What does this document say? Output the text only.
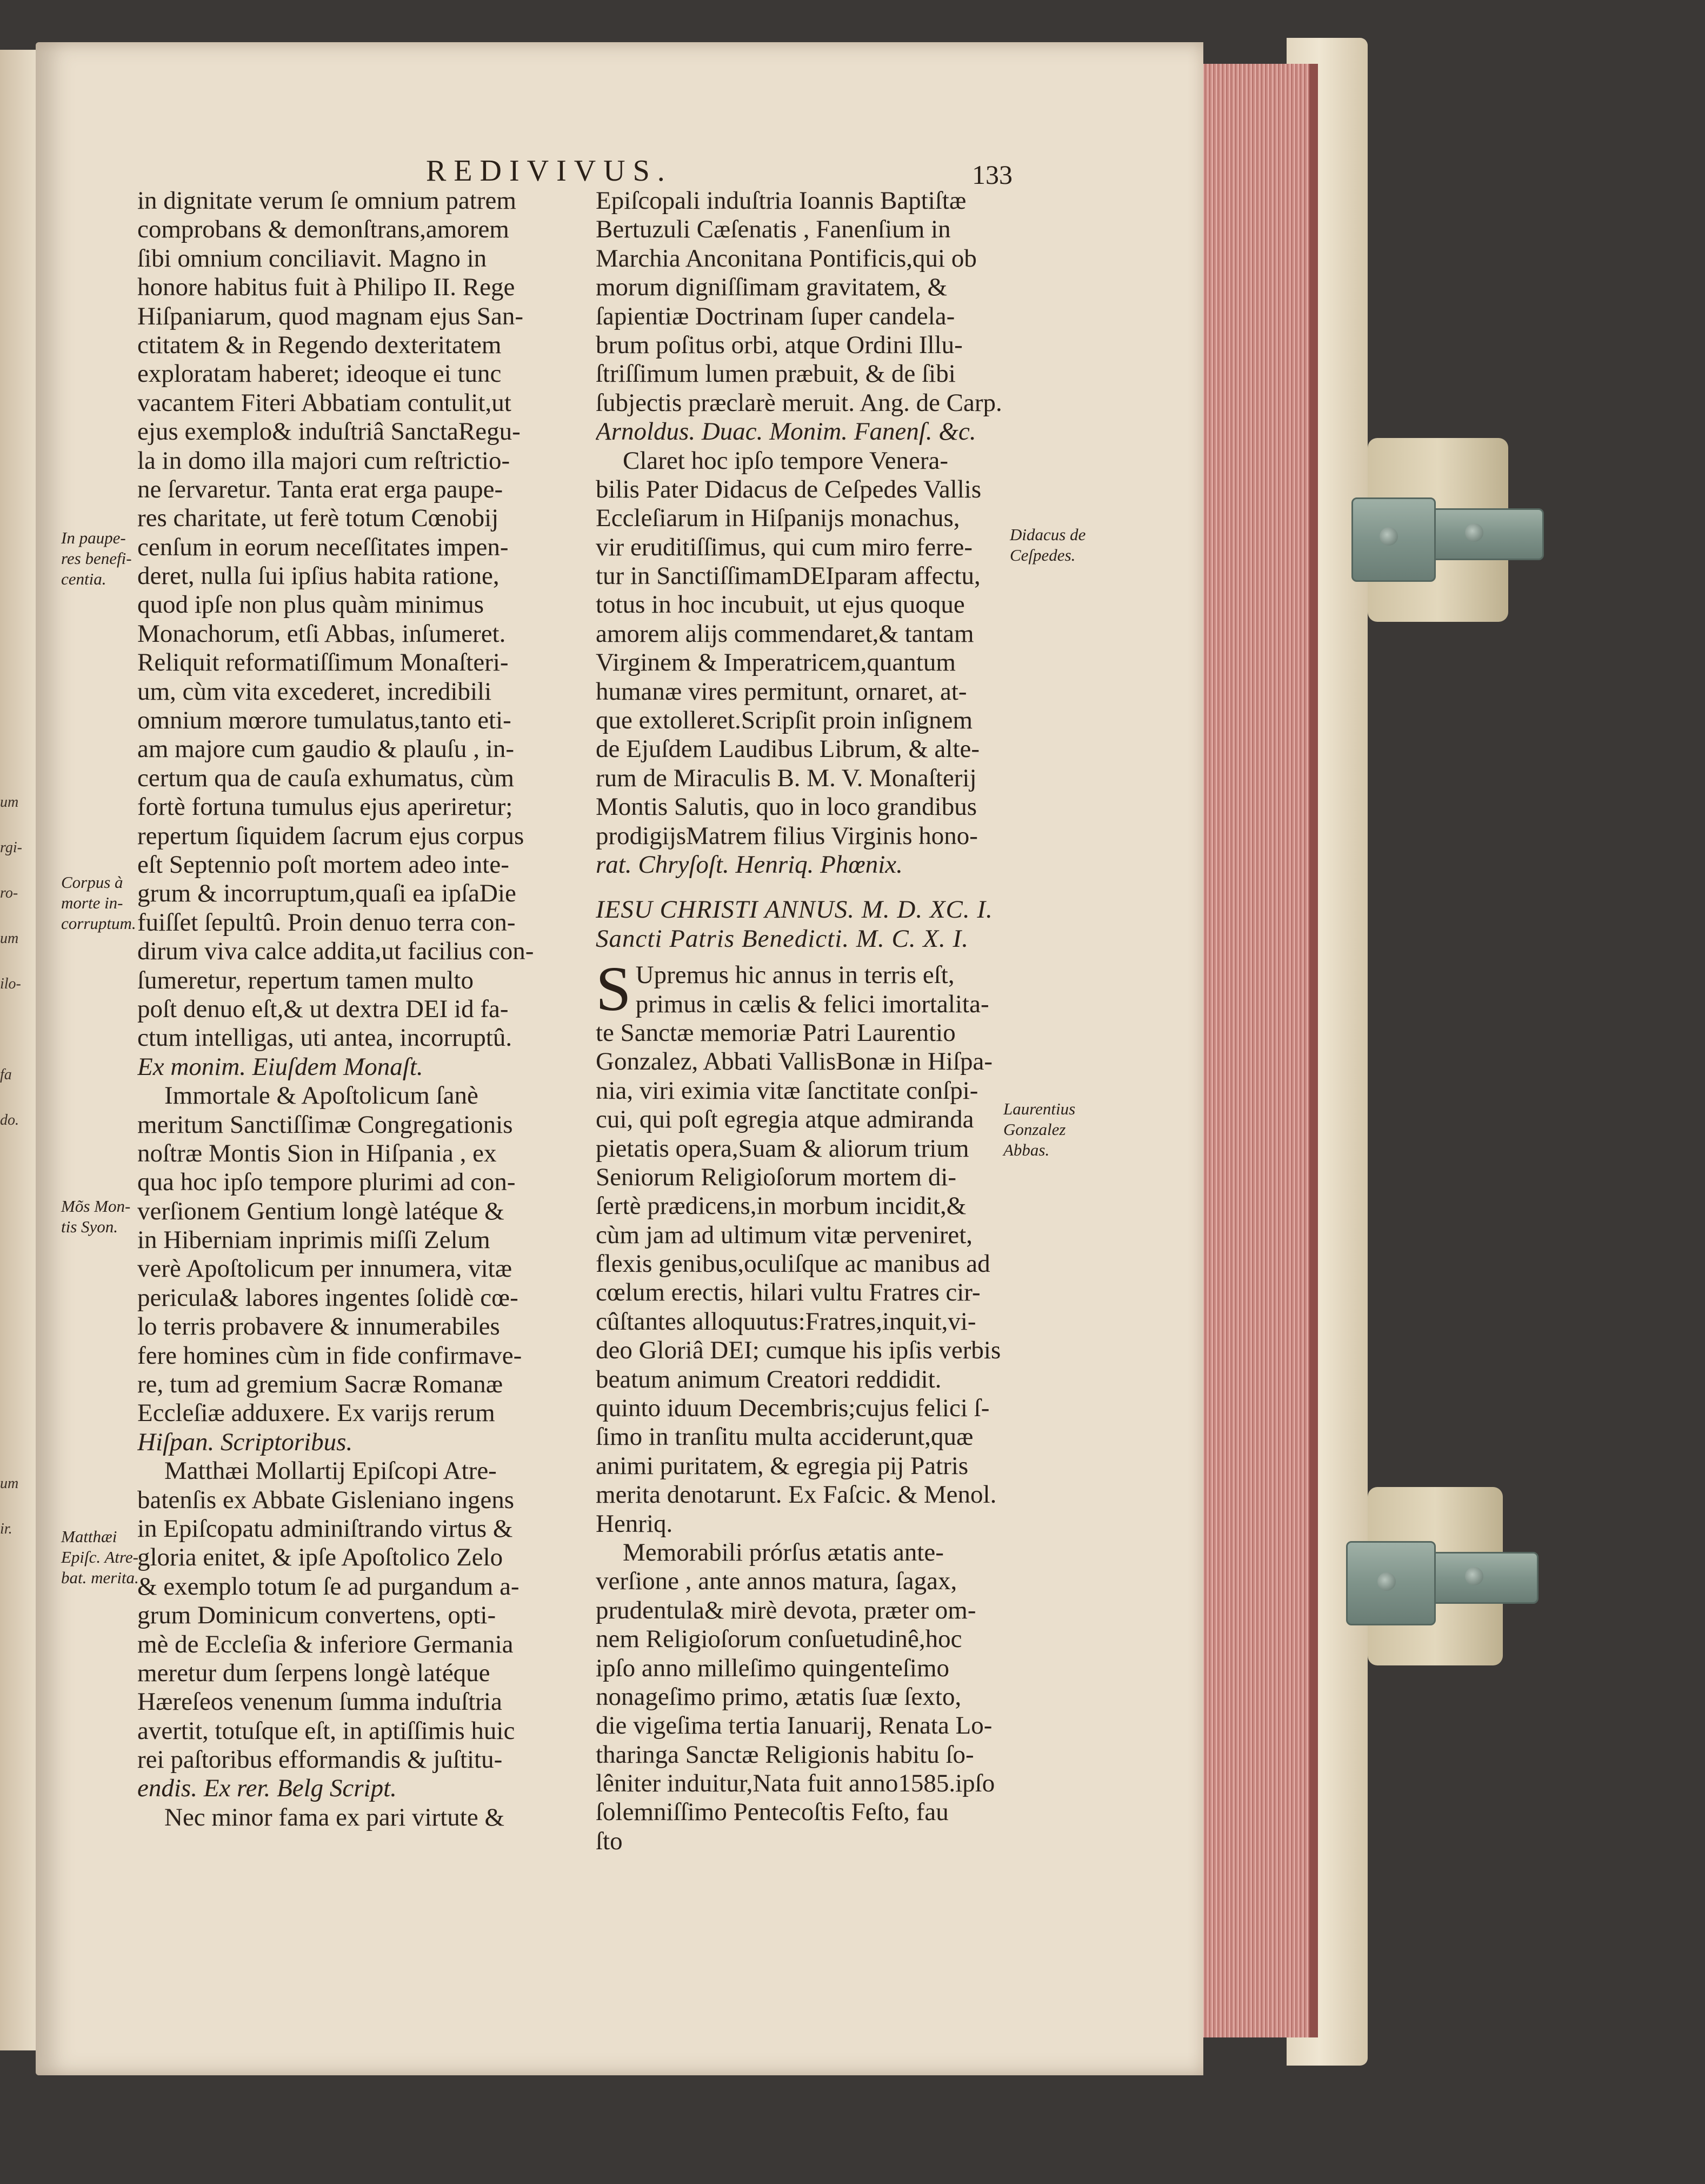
um
rgi-
ro-
um
ilo-
fa
do.
um
ir.
REDIVIVUS.	133
in dignitate verum ſe omnium patrem
comprobans & demonſtrans,amorem
ſibi omnium conciliavit. Magno in
honore habitus fuit à Philipo II. Rege
Hiſpaniarum, quod magnam ejus San-
ctitatem & in Regendo dexteritatem
exploratam haberet; ideoque ei tunc
vacantem Fiteri Abbatiam contulit,ut
ejus exemplo& induſtriâ SanctaRegu-
la in domo illa majori cum reſtrictio-
ne ſervaretur. Tanta erat erga paupe-
res charitate, ut ferè totum Cœnobij
cenſum in eorum neceſſitates impen-
deret, nulla ſui ipſius habita ratione,
quod ipſe non plus quàm minimus
Monachorum, etſi Abbas, inſumeret.
Reliquit reformatiſſimum Monaſteri-
um, cùm vita excederet, incredibili
omnium mœrore tumulatus,tanto eti-
am majore cum gaudio & plauſu , in-
certum qua de cauſa exhumatus, cùm
fortè fortuna tumulus ejus aperiretur;
repertum ſiquidem ſacrum ejus corpus
eſt Septennio poſt mortem adeo inte-
grum & incorruptum,quaſi ea ipſaDie
fuiſſet ſepultû. Proin denuo terra con-
dirum viva calce addita,ut facilius con-
ſumeretur, repertum tamen multo
poſt denuo eſt,& ut dextra DEI id fa-
ctum intelligas, uti antea, incorruptû.
Ex monim. Eiuſdem Monaſt.
Immortale & Apoſtolicum ſanè
meritum Sanctiſſimæ Congregationis
noſtræ Montis Sion in Hiſpania , ex
qua hoc ipſo tempore plurimi ad con-
verſionem Gentium longè latéque &
in Hiberniam inprimis miſſi Zelum
verè Apoſtolicum per innumera, vitæ
pericula& labores ingentes ſolidè cœ-
lo terris probavere & innumerabiles
fere homines cùm in fide confirmave-
re, tum ad gremium Sacræ Romanæ
Eccleſiæ adduxere. Ex varijs rerum
Hiſpan. Scriptoribus.
Matthæi Mollartij Epiſcopi Atre-
batenſis ex Abbate Gisleniano ingens
in Epiſcopatu adminiſtrando virtus &
gloria enitet, & ipſe Apoſtolico Zelo
& exemplo totum ſe ad purgandum a-
grum Dominicum convertens, opti-
mè de Eccleſia & inferiore Germania
meretur dum ſerpens longè latéque
Hæreſeos venenum ſumma induſtria
avertit, totuſque eſt, in aptiſſimis huic
rei paſtoribus efformandis & juſtitu-
endis. Ex rer. Belg Script.
Nec minor fama ex pari virtute &
Epiſcopali induſtria Ioannis Baptiſtæ
Bertuzuli Cæſenatis , Fanenſium in
Marchia Anconitana Pontificis,qui ob
morum digniſſimam gravitatem, &
ſapientiæ Doctrinam ſuper candela-
brum poſitus orbi, atque Ordini Illu-
ſtriſſimum lumen præbuit, & de ſibi
ſubjectis præclarè meruit. Ang. de Carp.
Arnoldus. Duac. Monim. Fanenſ. &c.
Claret hoc ipſo tempore Venera-
bilis Pater Didacus de Ceſpedes Vallis
Eccleſiarum in Hiſpanijs monachus,
vir eruditiſſimus, qui cum miro ferre-
tur in SanctiſſimamDEIparam affectu,
totus in hoc incubuit, ut ejus quoque
amorem alijs commendaret,& tantam
Virginem & Imperatricem,quantum
humanæ vires permitunt, ornaret, at-
que extolleret.Scripſit proin inſignem
de Ejuſdem Laudibus Librum, & alte-
rum de Miraculis B. M. V. Monaſterij
Montis Salutis, quo in loco grandibus
prodigijsMatrem filius Virginis hono-
rat. Chryſoſt. Henriq. Phœnix.
IESU CHRISTI ANNUS. M. D. XC. I.
Sancti Patris Benedicti. M. C. X. I.
S Upremus hic annus in terris eſt,
primus in cælis & felici imortalita-
te Sanctæ memoriæ Patri Laurentio
Gonzalez, Abbati VallisBonæ in Hiſpa-
nia, viri eximia vitæ ſanctitate conſpi-
cui, qui poſt egregia atque admiranda
pietatis opera,Suam & aliorum trium
Seniorum Religioſorum mortem di-
ſertè prædicens,in morbum incidit,&
cùm jam ad ultimum vitæ perveniret,
flexis genibus,oculiſque ac manibus ad
cœlum erectis, hilari vultu Fratres cir-
cûſtantes alloquutus:Fratres,inquit,vi-
deo Gloriâ DEI; cumque his ipſis verbis
beatum animum Creatori reddidit.
quinto iduum Decembris;cujus felici ſ-
ſimo in tranſitu multa acciderunt,quæ
animi puritatem, & egregia pij Patris
merita denotarunt. Ex Faſcic. & Menol.
Henriq.
Memorabili prórſus ætatis ante-
verſione , ante annos matura, ſagax,
prudentula& mirè devota, præter om-
nem Religioſorum conſuetudinê,hoc
ipſo anno milleſimo quingenteſimo
nonageſimo primo, ætatis ſuæ ſexto,
die vigeſima tertia Ianuarij, Renata Lo-
tharinga Sanctæ Religionis habitu ſo-
lêniter induitur,Nata fuit anno1585.ipſo
ſolemniſſimo Pentecoſtis Feſto, fau
ſto
In paupe-
res benefi-
centia.
Corpus à
morte in-
corruptum.
Mõs Mon-
tis Syon.
Matthæi
Epiſc. Atre-
bat. merita.
Didacus de
Ceſpedes.
Laurentius
Gonzalez
Abbas.
